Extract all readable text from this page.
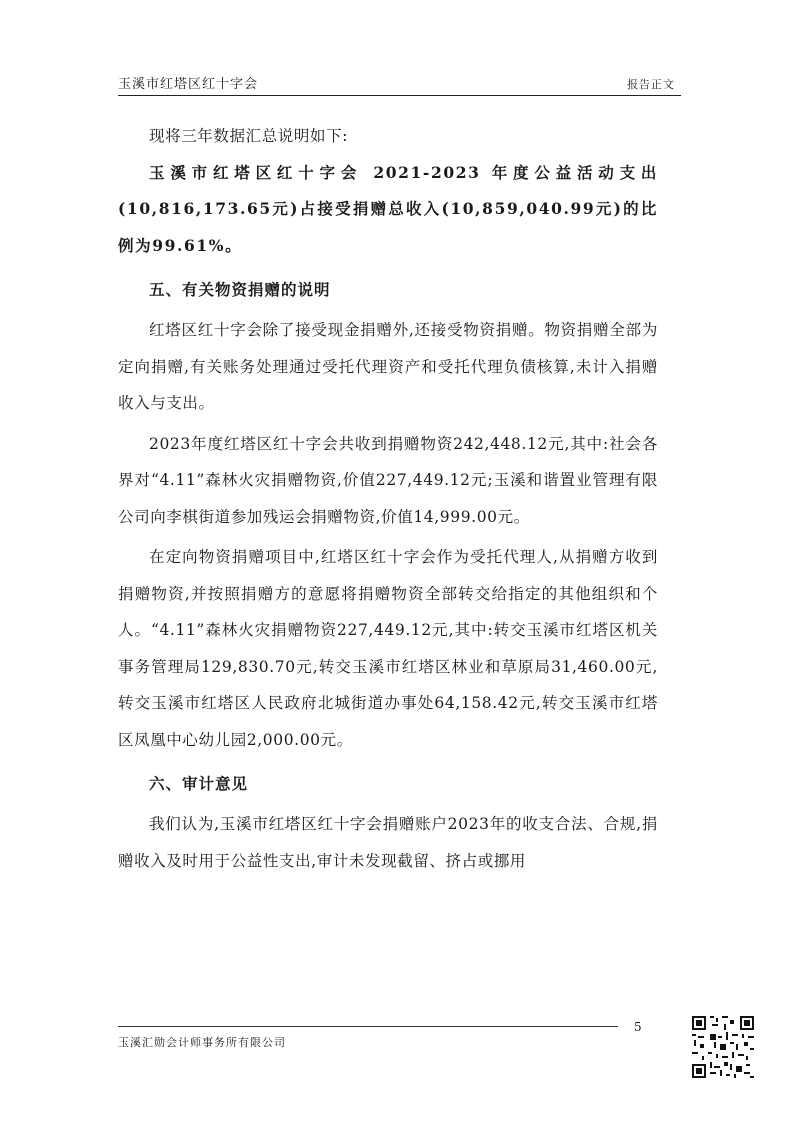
玉溪市红塔区红十字会	报告正文

现将三年数据汇总说明如下:

玉溪市红塔区红十字会 2021-2023 年度公益活动支出(10,816,173.65元)占接受捐赠总收入(10,859,040.99元)的比例为99.61%。

五、有关物资捐赠的说明

红塔区红十字会除了接受现金捐赠外,还接受物资捐赠。物资捐赠全部为定向捐赠,有关账务处理通过受托代理资产和受托代理负债核算,未计入捐赠收入与支出。

2023年度红塔区红十字会共收到捐赠物资242,448.12元,其中:社会各界对“4.11”森林火灾捐赠物资,价值227,449.12元;玉溪和谐置业管理有限公司向李棋街道参加残运会捐赠物资,价值14,999.00元。

在定向物资捐赠项目中,红塔区红十字会作为受托代理人,从捐赠方收到捐赠物资,并按照捐赠方的意愿将捐赠物资全部转交给指定的其他组织和个人。“4.11”森林火灾捐赠物资227,449.12元,其中:转交玉溪市红塔区机关事务管理局129,830.70元,转交玉溪市红塔区林业和草原局31,460.00元,转交玉溪市红塔区人民政府北城街道办事处64,158.42元,转交玉溪市红塔区凤凰中心幼儿园2,000.00元。

六、审计意见

我们认为,玉溪市红塔区红十字会捐赠账户2023年的收支合法、合规,捐赠收入及时用于公益性支出,审计未发现截留、挤占或挪用

5
玉溪汇勋会计师事务所有限公司
